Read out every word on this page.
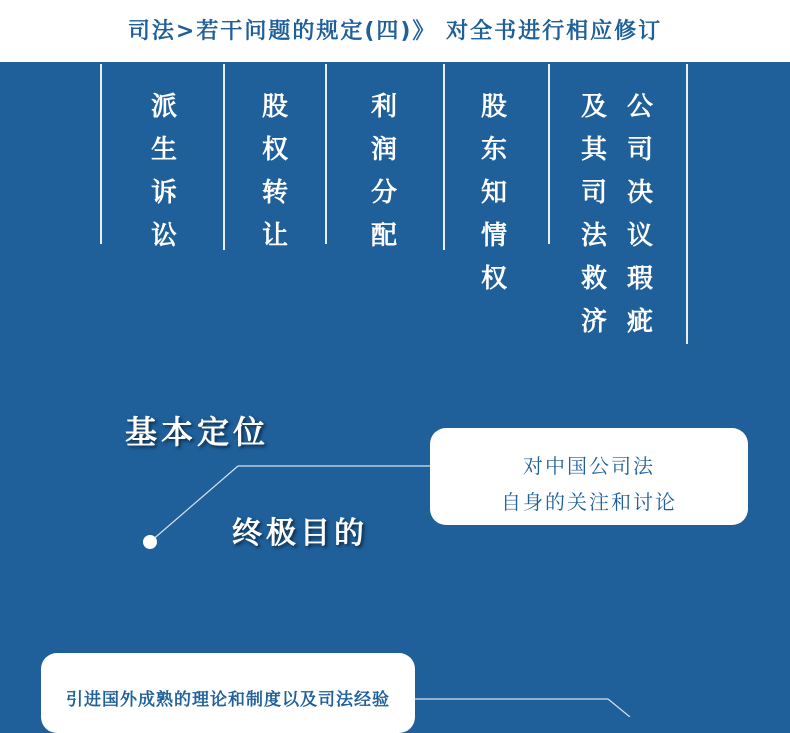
司法>若干问题的规定(四)》 对全书进行相应修订
派生诉讼
股权转让
利润分配
股东知情权
及其司法救济
公司决议瑕疵
基本定位
终极目的
对中国公司法
自身的关注和讨论
引进国外成熟的理论和制度以及司法经验
